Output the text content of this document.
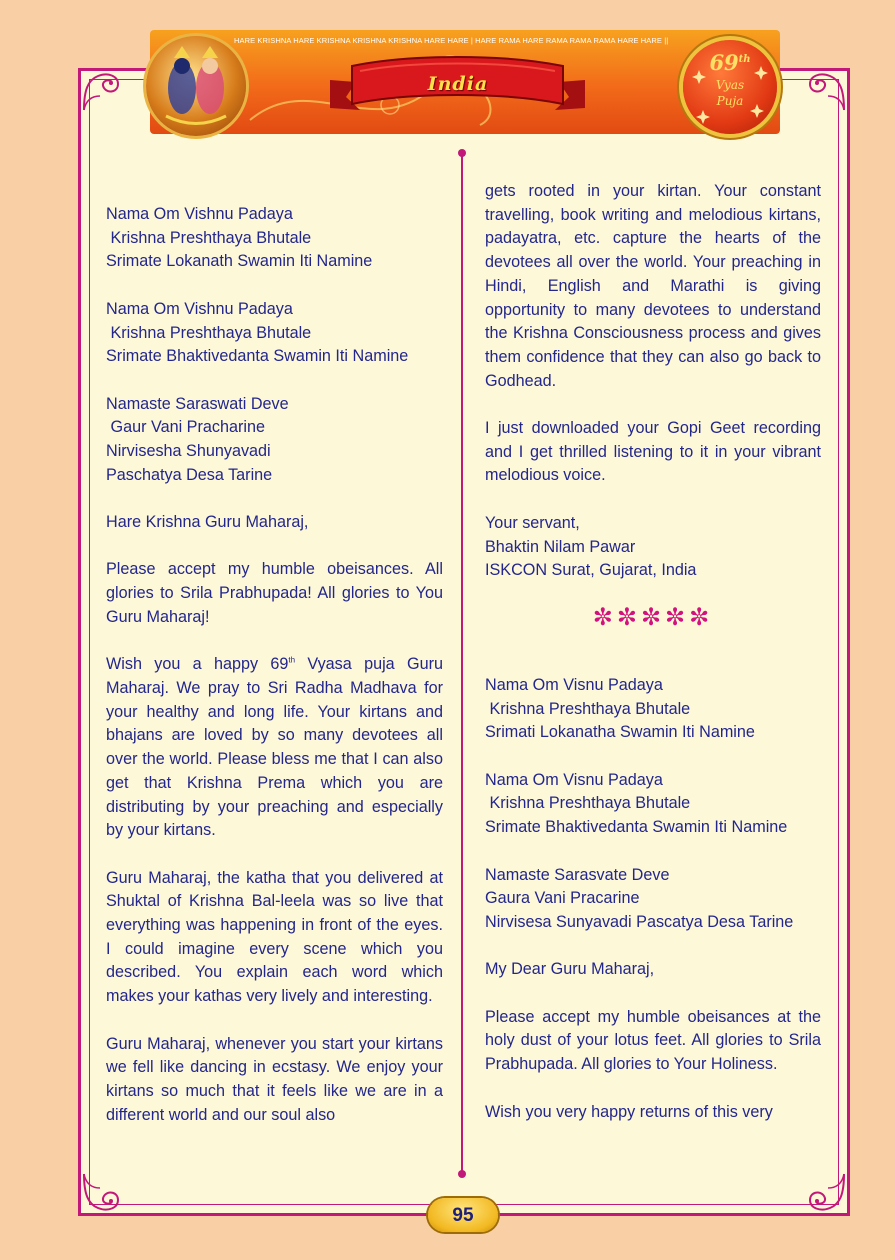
HARE KRISHNA HARE KRISHNA KRISHNA KRISHNA HARE HARE | HARE RAMA HARE RAMA RAMA RAMA HARE HARE ||
India
69th
Vyas
Puja

Nama Om Vishnu Padaya
Krishna Preshthaya Bhutale
Srimate Lokanath Swamin Iti Namine

Nama Om Vishnu Padaya
Krishna Preshthaya Bhutale
Srimate Bhaktivedanta Swamin Iti Namine

Namaste Saraswati Deve
Gaur Vani Pracharine
Nirvisesha Shunyavadi
Paschatya Desa Tarine

Hare Krishna Guru Maharaj,

Please accept my humble obeisances. All glories to Srila Prabhupada! All glories to You Guru Maharaj!

Wish you a happy 69th Vyasa puja Guru Maharaj. We pray to Sri Radha Madhava for your healthy and long life. Your kirtans and bhajans are loved by so many devotees all over the world. Please bless me that I can also get that Krishna Prema which you are distributing by your preaching and especially by your kirtans.

Guru Maharaj, the katha that you delivered at Shuktal of Krishna Bal-leela was so live that everything was happening in front of the eyes. I could imagine every scene which you described. You explain each word which makes your kathas very lively and interesting.

Guru Maharaj, whenever you start your kirtans we fell like dancing in ecstasy. We enjoy your kirtans so much that it feels like we are in a different world and our soul also

gets rooted in your kirtan. Your constant travelling, book writing and melodious kirtans, padayatra, etc. capture the hearts of the devotees all over the world. Your preaching in Hindi, English and Marathi is giving opportunity to many devotees to understand the Krishna Consciousness process and gives them confidence that they can also go back to Godhead.

I just downloaded your Gopi Geet recording and I get thrilled listening to it in your vibrant melodious voice.

Your servant,
Bhaktin Nilam Pawar
ISKCON Surat, Gujarat, India

✼✼✼✼✼

Nama Om Visnu Padaya
Krishna Preshthaya Bhutale
Srimati Lokanatha Swamin Iti Namine

Nama Om Visnu Padaya
Krishna Preshthaya Bhutale
Srimate Bhaktivedanta Swamin Iti Namine

Namaste Sarasvate Deve
Gaura Vani Pracarine
Nirvisesa Sunyavadi Pascatya Desa Tarine

My Dear Guru Maharaj,

Please accept my humble obeisances at the holy dust of your lotus feet. All glories to Srila Prabhupada. All glories to Your Holiness.

Wish you very happy returns of this very

95
